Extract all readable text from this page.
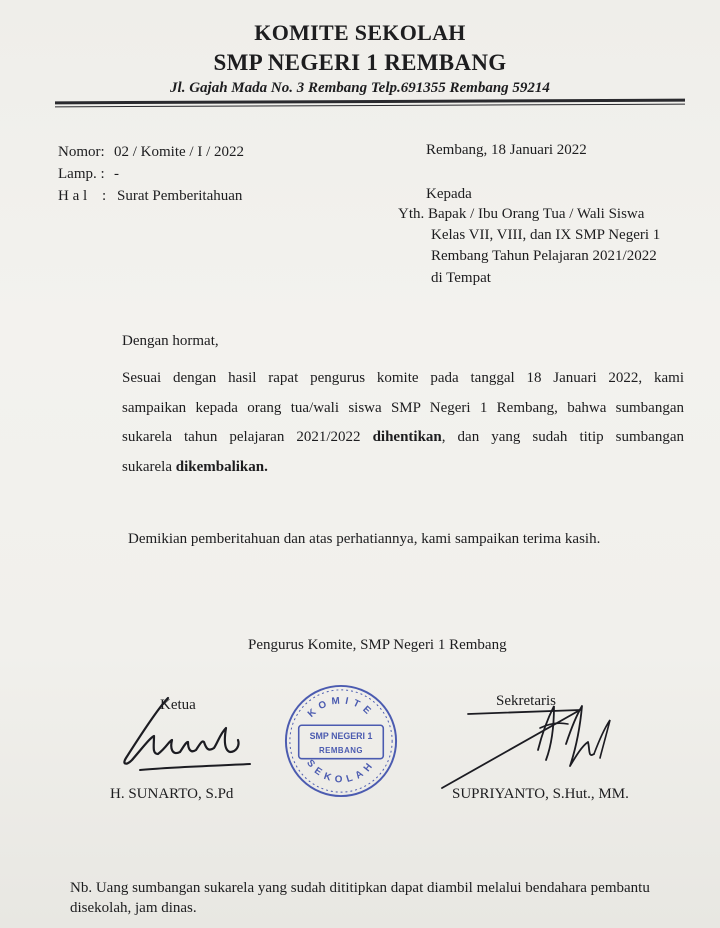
KOMITE SEKOLAH
SMP NEGERI 1 REMBANG
Jl. Gajah Mada No. 3 Rembang Telp.691355 Rembang 59214
Nomor: 02 / Komite / I / 2022
Lamp. : -
H a l : Surat Pemberitahuan
Rembang, 18 Januari 2022
Kepada
Yth. Bapak / Ibu Orang Tua / Wali Siswa
Kelas VII, VIII, dan IX SMP Negeri 1
Rembang Tahun Pelajaran 2021/2022
di Tempat
Dengan hormat,
Sesuai dengan hasil rapat pengurus komite pada tanggal 18 Januari 2022, kami
sampaikan kepada orang tua/wali siswa SMP Negeri 1 Rembang, bahwa sumbangan
sukarela tahun pelajaran 2021/2022 dihentikan, dan yang sudah titip sumbangan
sukarela dikembalikan.
Demikian pemberitahuan dan atas perhatiannya, kami sampaikan terima kasih.
Pengurus Komite, SMP Negeri 1 Rembang
Ketua
H. SUNARTO, S.Pd
Sekretaris
SUPRIYANTO, S.Hut., MM.
KOMITE
SMP NEGERI 1
REMBANG
SEKOLAH
Nb. Uang sumbangan sukarela yang sudah dititipkan dapat diambil melalui bendahara pembantu
disekolah, jam dinas.
